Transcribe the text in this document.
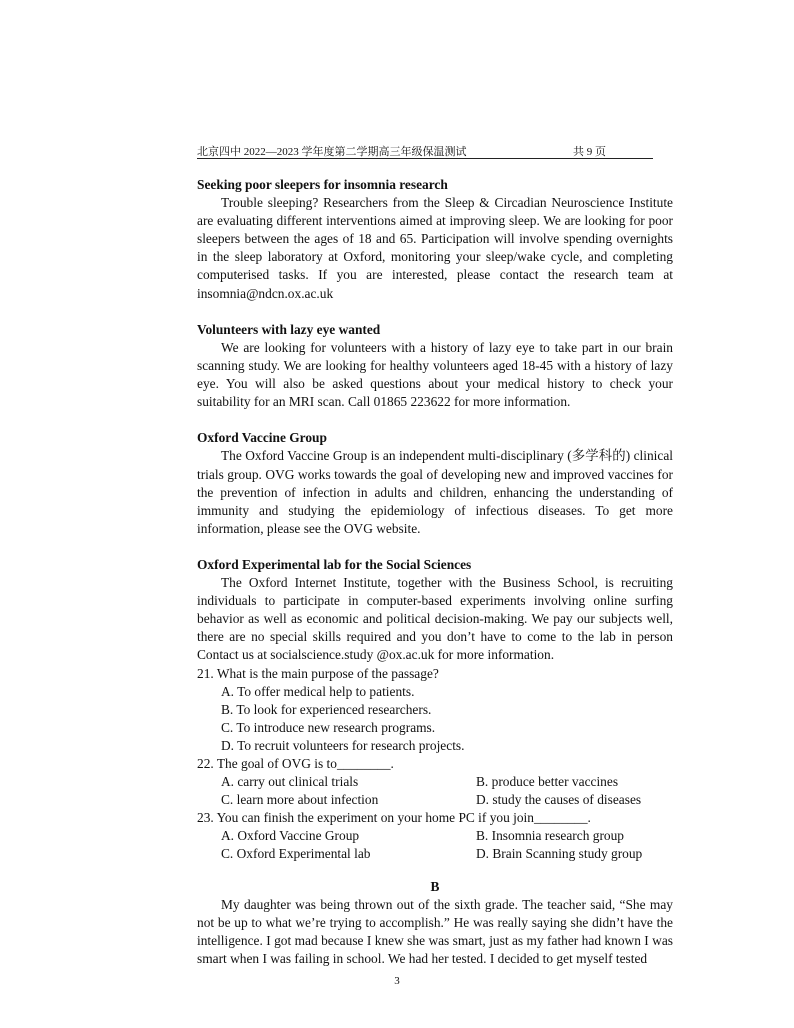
北京四中 2022—2023 学年度第二学期高三年级保温测试	共 9 页

Seeking poor sleepers for insomnia research

Trouble sleeping? Researchers from the Sleep & Circadian Neuroscience Institute are evaluating different interventions aimed at improving sleep. We are looking for poor sleepers between the ages of 18 and 65. Participation will involve spending overnights in the sleep laboratory at Oxford, monitoring your sleep/wake cycle, and completing computerised tasks. If you are interested, please contact the research team at insomnia@ndcn.ox.ac.uk

Volunteers with lazy eye wanted

We are looking for volunteers with a history of lazy eye to take part in our brain scanning study. We are looking for healthy volunteers aged 18-45 with a history of lazy eye. You will also be asked questions about your medical history to check your suitability for an MRI scan. Call 01865 223622 for more information.

Oxford Vaccine Group

The Oxford Vaccine Group is an independent multi-disciplinary (多学科的) clinical trials group. OVG works towards the goal of developing new and improved vaccines for the prevention of infection in adults and children, enhancing the understanding of immunity and studying the epidemiology of infectious diseases. To get more information, please see the OVG website.

Oxford Experimental lab for the Social Sciences

The Oxford Internet Institute, together with the Business School, is recruiting individuals to participate in computer-based experiments involving online surfing behavior as well as economic and political decision-making. We pay our subjects well, there are no special skills required and you don’t have to come to the lab in person Contact us at socialscience.study @ox.ac.uk for more information.

21. What is the main purpose of the passage?

A. To offer medical help to patients.

B. To look for experienced researchers.

C. To introduce new research programs.

D. To recruit volunteers for research projects.

22. The goal of OVG is to________.

A. carry out clinical trials	B. produce better vaccines
C. learn more about infection	D. study the causes of diseases

23. You can finish the experiment on your home PC if you join________.

A. Oxford Vaccine Group	B. Insomnia research group
C. Oxford Experimental lab	D. Brain Scanning study group

B

My daughter was being thrown out of the sixth grade. The teacher said, “She may not be up to what we’re trying to accomplish.” He was really saying she didn’t have the intelligence. I got mad because I knew she was smart, just as my father had known I was smart when I was failing in school. We had her tested. I decided to get myself tested

3
